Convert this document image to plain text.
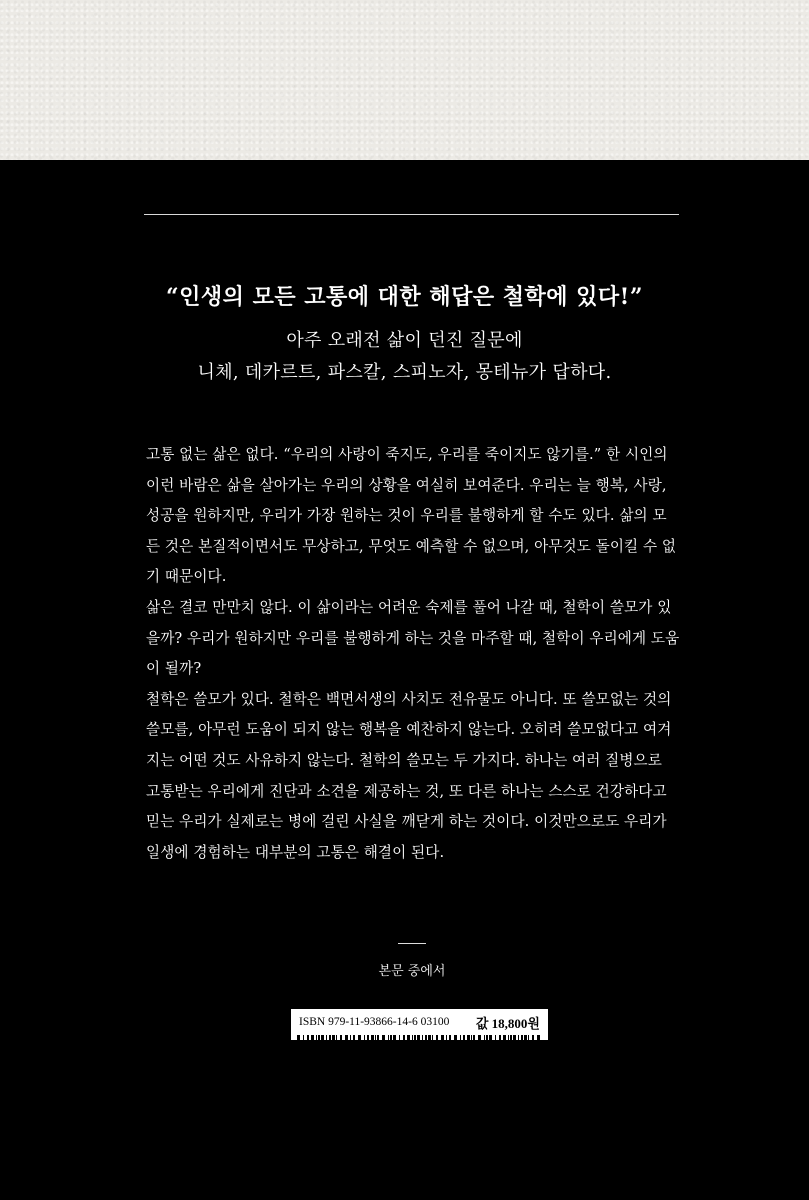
“인생의 모든 고통에 대한 해답은 철학에 있다!”
아주 오래전 삶이 던진 질문에
니체, 데카르트, 파스칼, 스피노자, 몽테뉴가 답하다.

고통 없는 삶은 없다. “우리의 사랑이 죽지도, 우리를 죽이지도 않기를.” 한 시인의 이런 바람은 삶을 살아가는 우리의 상황을 여실히 보여준다. 우리는 늘 행복, 사랑, 성공을 원하지만, 우리가 가장 원하는 것이 우리를 불행하게 할 수도 있다. 삶의 모든 것은 본질적이면서도 무상하고, 무엇도 예측할 수 없으며, 아무것도 돌이킬 수 없기 때문이다.

삶은 결코 만만치 않다. 이 삶이라는 어려운 숙제를 풀어 나갈 때, 철학이 쓸모가 있을까? 우리가 원하지만 우리를 불행하게 하는 것을 마주할 때, 철학이 우리에게 도움이 될까?

철학은 쓸모가 있다. 철학은 백면서생의 사치도 전유물도 아니다. 또 쓸모없는 것의 쓸모를, 아무런 도움이 되지 않는 행복을 예찬하지 않는다. 오히려 쓸모없다고 여겨지는 어떤 것도 사유하지 않는다. 철학의 쓸모는 두 가지다. 하나는 여러 질병으로 고통받는 우리에게 진단과 소견을 제공하는 것, 또 다른 하나는 스스로 건강하다고 믿는 우리가 실제로는 병에 걸린 사실을 깨닫게 하는 것이다. 이것만으로도 우리가 일생에 경험하는 대부분의 고통은 해결이 된다.

본문 중에서
ISBN 979-11-93866-14-6 03100 값 18,800원
